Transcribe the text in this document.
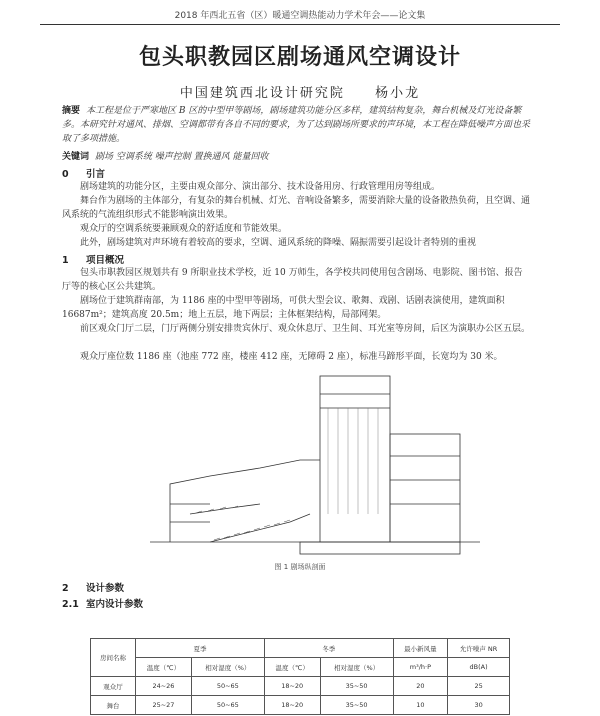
2018 年西北五省（区）暖通空调热能动力学术年会——论文集
包头职教园区剧场通风空调设计
中国建筑西北设计研究院 杨小龙
摘要 本工程是位于严寒地区 B 区的中型甲等剧场，剧场建筑功能分区多样，建筑结构复杂，舞台机械及灯光设备繁多。本研究针对通风、排烟、空调都带有各自不同的要求，为了达到剧场所要求的声环境，本工程在降低噪声方面也采取了多项措施。
关键词 剧场 空调系统 噪声控制 置换通风 能量回收
0 引言
剧场建筑的功能分区，主要由观众部分、演出部分、技术设备用房、行政管理用房等组成。
舞台作为剧场的主体部分，有复杂的舞台机械、灯光、音响设备繁多，需要消除大量的设备散热负荷，且空调、通风系统的气流组织形式不能影响演出效果。
观众厅的空调系统要兼顾观众的舒适度和节能效果。
此外，剧场建筑对声环境有着较高的要求，空调、通风系统的降噪、隔振需要引起设计者特别的重视
1 项目概况
包头市职教园区规划共有 9 所职业技术学校，近 10 万师生，各学校共同使用包含剧场、电影院、图书馆、报告厅等的核心区公共建筑。
剧场位于建筑群南部，为 1186 座的中型甲等剧场，可供大型会议、歌舞、戏剧、话剧表演使用，建筑面积 16687m²；建筑高度 20.5m；地上五层，地下两层；主体框架结构，局部网架。
前区观众门厅二层，门厅两侧分别安排贵宾休厅、观众休息厅、卫生间、耳光室等房间，后区为演职办公区五层。
观众厅座位数 1186 座（池座 772 座，楼座 412 座，无障碍 2 座），标准马蹄形平面，长宽均为 30 米。
图 1 剧场纵剖面
2 设计参数
2.1 室内设计参数
房间名称	夏季		冬季		最小新风量	允许噪声 NR
	温度（℃）	相对湿度（%）	温度（℃）	相对湿度（%）	m³/h·P	dB(A)
观众厅	24~26	50~65	18~20	35~50	20	25
舞台	25~27	50~65	18~20	35~50	10	30
